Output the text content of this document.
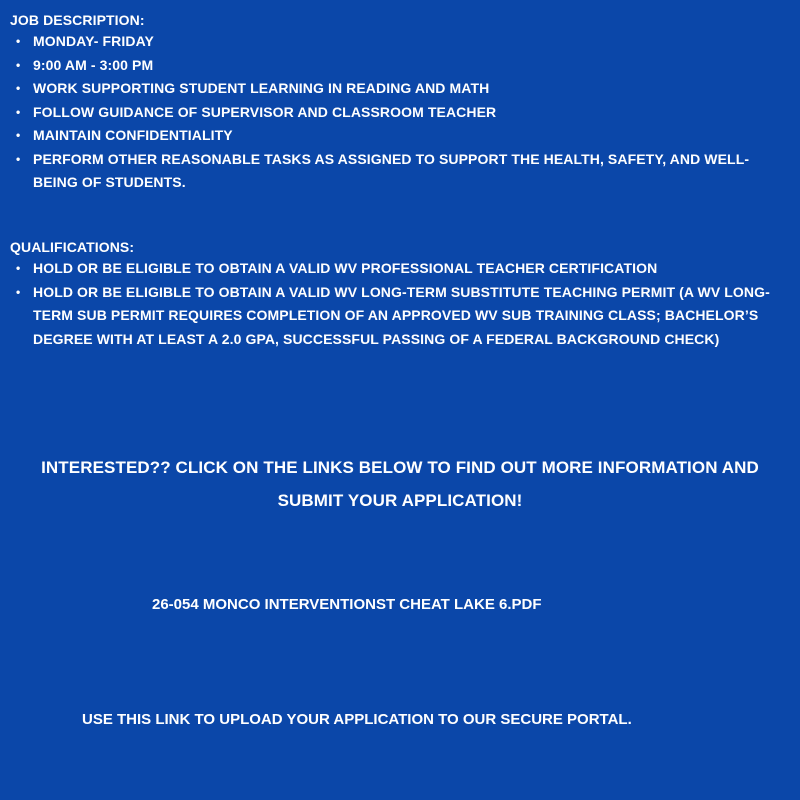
JOB DESCRIPTION:

• MONDAY- FRIDAY
• 9:00 AM - 3:00 PM
• WORK SUPPORTING STUDENT LEARNING IN READING AND MATH
• FOLLOW GUIDANCE OF SUPERVISOR AND CLASSROOM TEACHER
• MAINTAIN CONFIDENTIALITY
• PERFORM OTHER REASONABLE TASKS AS ASSIGNED TO SUPPORT THE HEALTH, SAFETY, AND WELL-BEING OF STUDENTS.

QUALIFICATIONS:

• HOLD OR BE ELIGIBLE TO OBTAIN A VALID WV PROFESSIONAL TEACHER CERTIFICATION
• HOLD OR BE ELIGIBLE TO OBTAIN A VALID WV LONG-TERM SUBSTITUTE TEACHING PERMIT (A WV LONG-TERM SUB PERMIT REQUIRES COMPLETION OF AN APPROVED WV SUB TRAINING CLASS; BACHELOR’S DEGREE WITH AT LEAST A 2.0 GPA, SUCCESSFUL PASSING OF A FEDERAL BACKGROUND CHECK)
INTERESTED?? CLICK ON THE LINKS BELOW TO FIND OUT MORE INFORMATION AND SUBMIT YOUR APPLICATION!
26-054 MONCO INTERVENTIONST CHEAT LAKE 6.PDF
USE THIS LINK TO UPLOAD YOUR APPLICATION TO OUR SECURE PORTAL.
